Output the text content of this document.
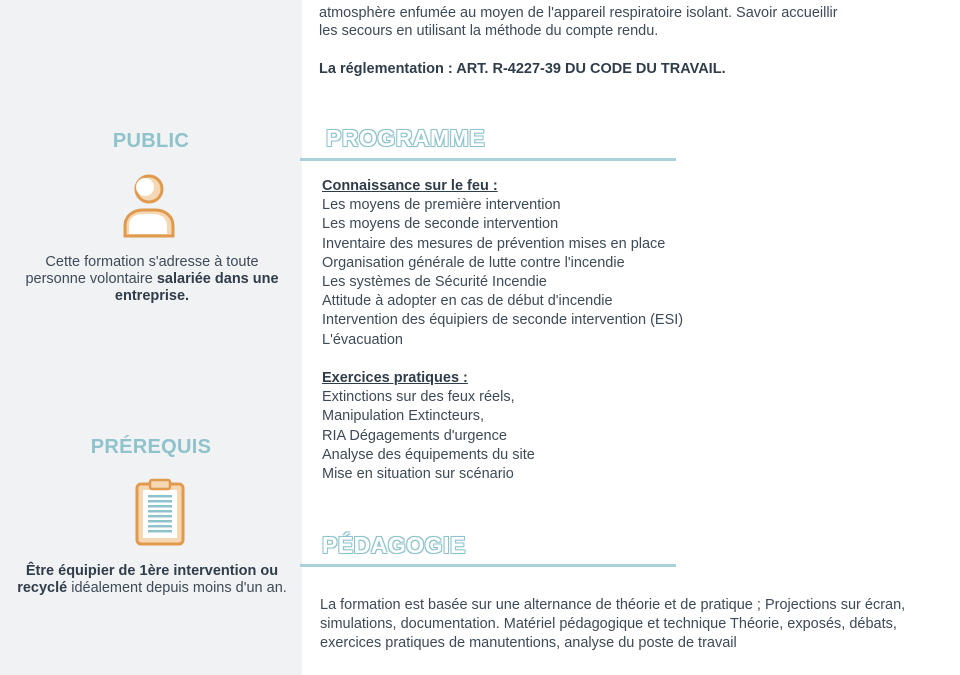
atmosphère enfumée au moyen de l'appareil respiratoire isolant. Savoir accueillir
les secours en utilisant la méthode du compte rendu.
La réglementation : ART. R-4227-39 DU CODE DU TRAVAIL.
PUBLIC
Cette formation s'adresse à toute personne volontaire salariée dans une entreprise.
PRÉREQUIS
Être équipier de 1ère intervention ou recyclé idéalement depuis moins d'un an.
PROGRAMME
Connaissance sur le feu :
Les moyens de première intervention
Les moyens de seconde intervention
Inventaire des mesures de prévention mises en place
Organisation générale de lutte contre l'incendie
Les systèmes de Sécurité Incendie
Attitude à adopter en cas de début d'incendie
Intervention des équipiers de seconde intervention (ESI)
L'évacuation
Exercices pratiques :
Extinctions sur des feux réels,
Manipulation Extincteurs,
RIA Dégagements d'urgence
Analyse des équipements du site
Mise en situation sur scénario
PÉDAGOGIE
La formation est basée sur une alternance de théorie et de pratique ; Projections sur écran, simulations, documentation. Matériel pédagogique et technique Théorie, exposés, débats, exercices pratiques de manutentions, analyse du poste de travail
